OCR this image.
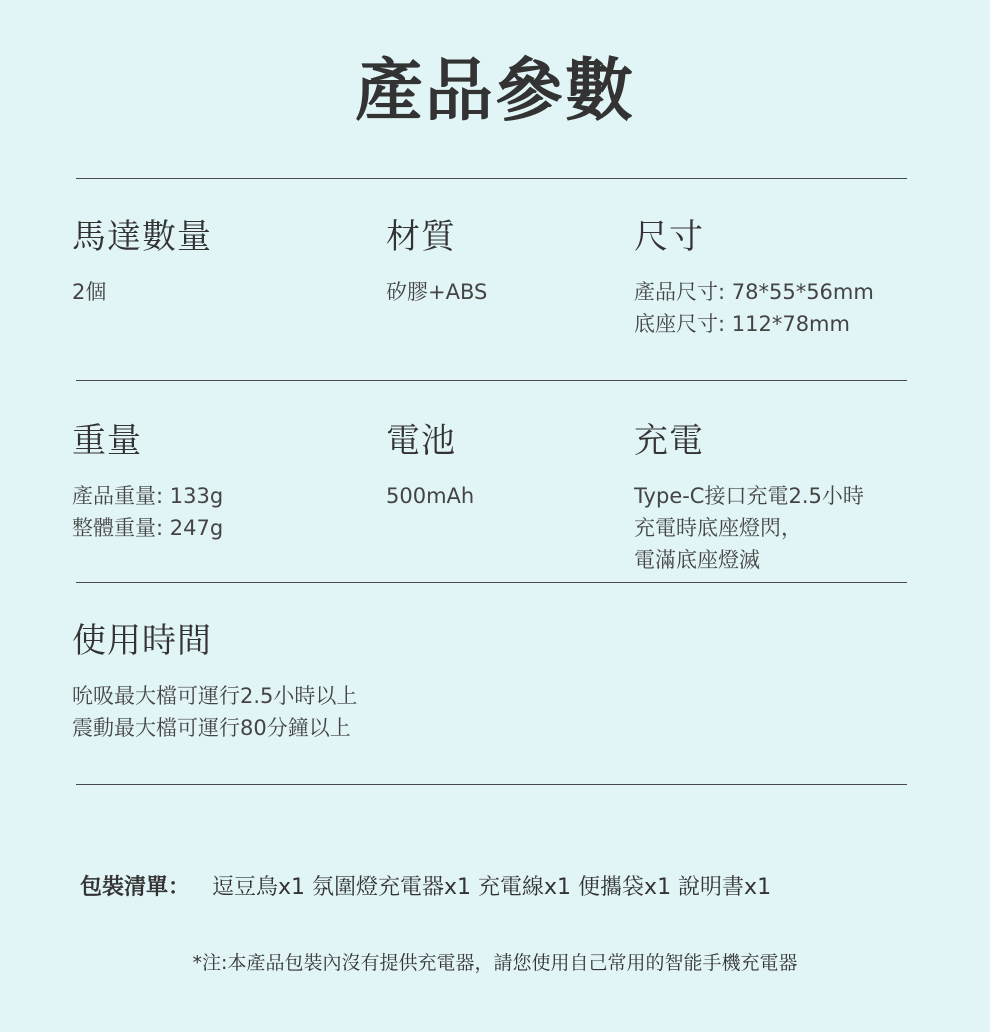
產品參數
馬達數量
2個
材質
矽膠+ABS
尺寸
產品尺寸: 78*55*56mm
底座尺寸: 112*78mm
重量
產品重量: 133g
整體重量: 247g
電池
500mAh
充電
Type-C接口充電2.5小時
充電時底座燈閃，
電滿底座燈滅
使用時間
吮吸最大檔可運行2.5小時以上
震動最大檔可運行80分鐘以上
包裝清單： 逗豆鳥x1 氛圍燈充電器x1 充電線x1 便攜袋x1 說明書x1
*注:本產品包裝內沒有提供充電器，請您使用自己常用的智能手機充電器
